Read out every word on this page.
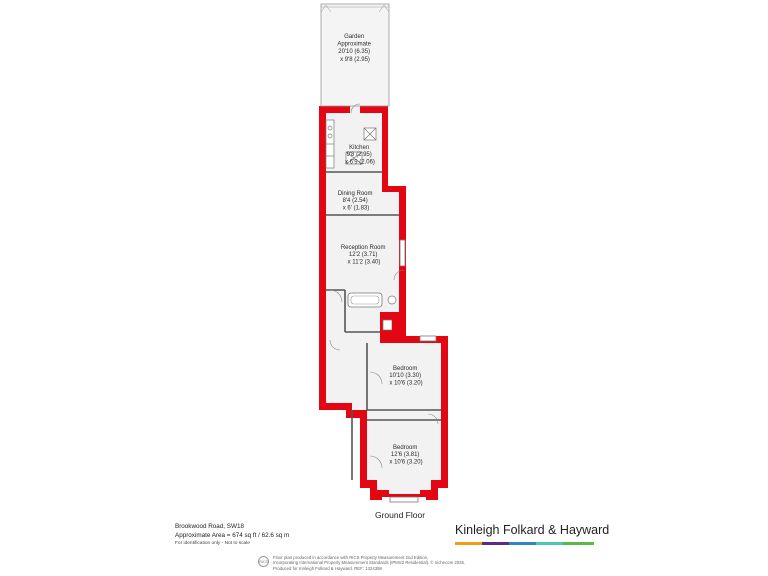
Garden Approximate 20'10 (6.35) x 9'8 (2.95)
Kitchen 9'8 (2.95) x 6'9 (2.06)
Dining Room 8'4 (2.54) x 6' (1.83)
Reception Room 12'2 (3.71) x 11'2 (3.40)
Bedroom 10'10 (3.30) x 10'6 (3.20)
Bedroom 12'6 (3.81) x 10'6 (3.20)
Ground Floor
Brookwood Road, SW18
Approximate Area = 674 sq ft / 62.6 sq m
For identification only - Not to scale
Kinleigh Folkard & Hayward
RICS
Floor plan produced in accordance with RICS Property Measurement 2nd Edition,
Incorporating International Property Measurement Standards (IPMS2 Residential). © nichecom 2025.
Produced for Kinleigh Folkard & Hayward. REF: 1324398
